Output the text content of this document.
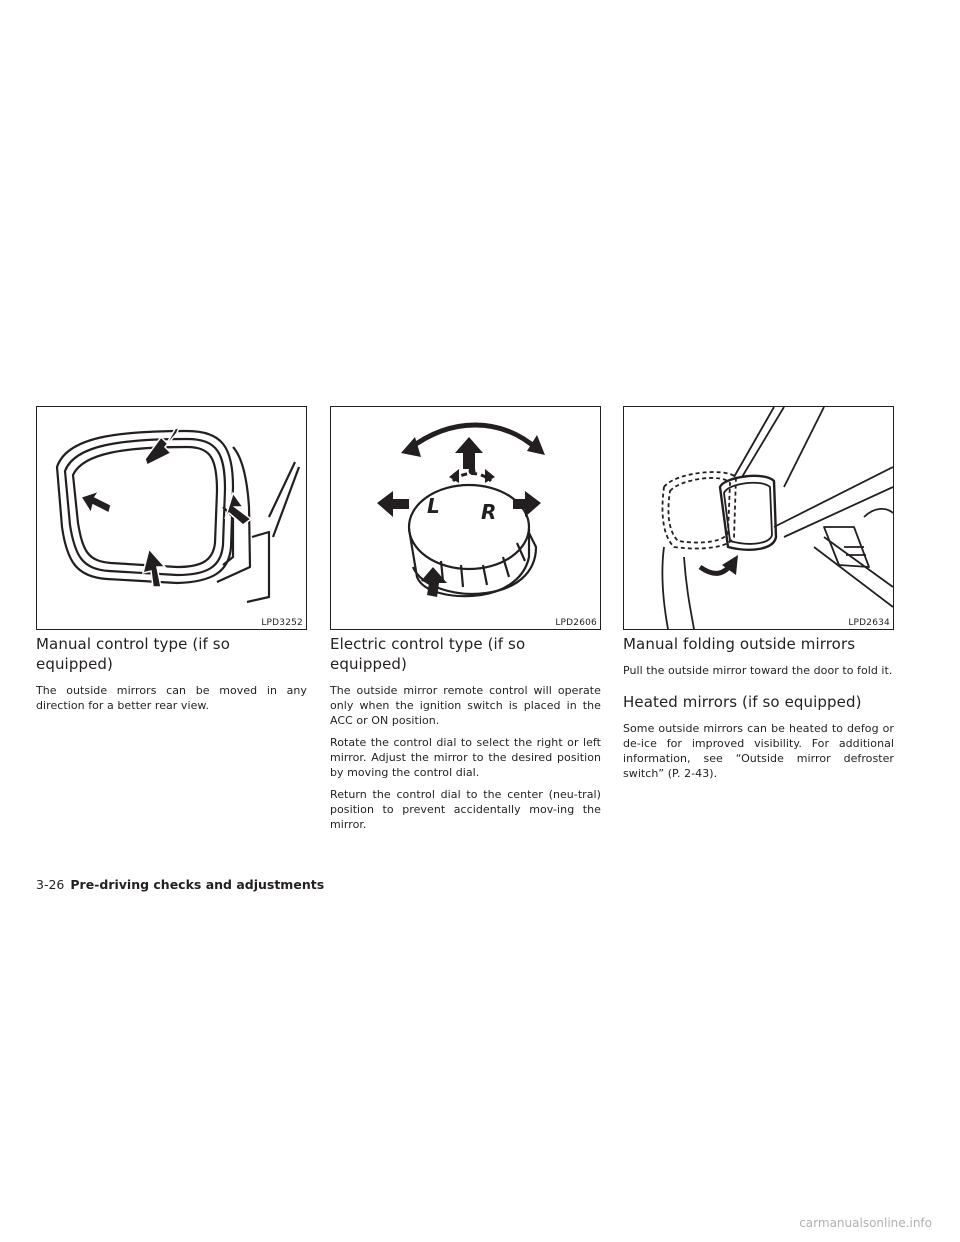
LPD3252
Manual control type (if so equipped)

The outside mirrors can be moved in any direction for a better rear view.

L R
LPD2606
Electric control type (if so equipped)

The outside mirror remote control will operate only when the ignition switch is placed in the ACC or ON position.

Rotate the control dial to select the right or left mirror. Adjust the mirror to the desired position by moving the control dial.

Return the control dial to the center (neu-tral) position to prevent accidentally mov-ing the mirror.

LPD2634
Manual folding outside mirrors

Pull the outside mirror toward the door to fold it.

Heated mirrors (if so equipped)

Some outside mirrors can be heated to defog or de-ice for improved visibility. For additional information, see “Outside mirror defroster switch” (P. 2-43).

3-26 Pre-driving checks and adjustments
carmanualsonline.info
